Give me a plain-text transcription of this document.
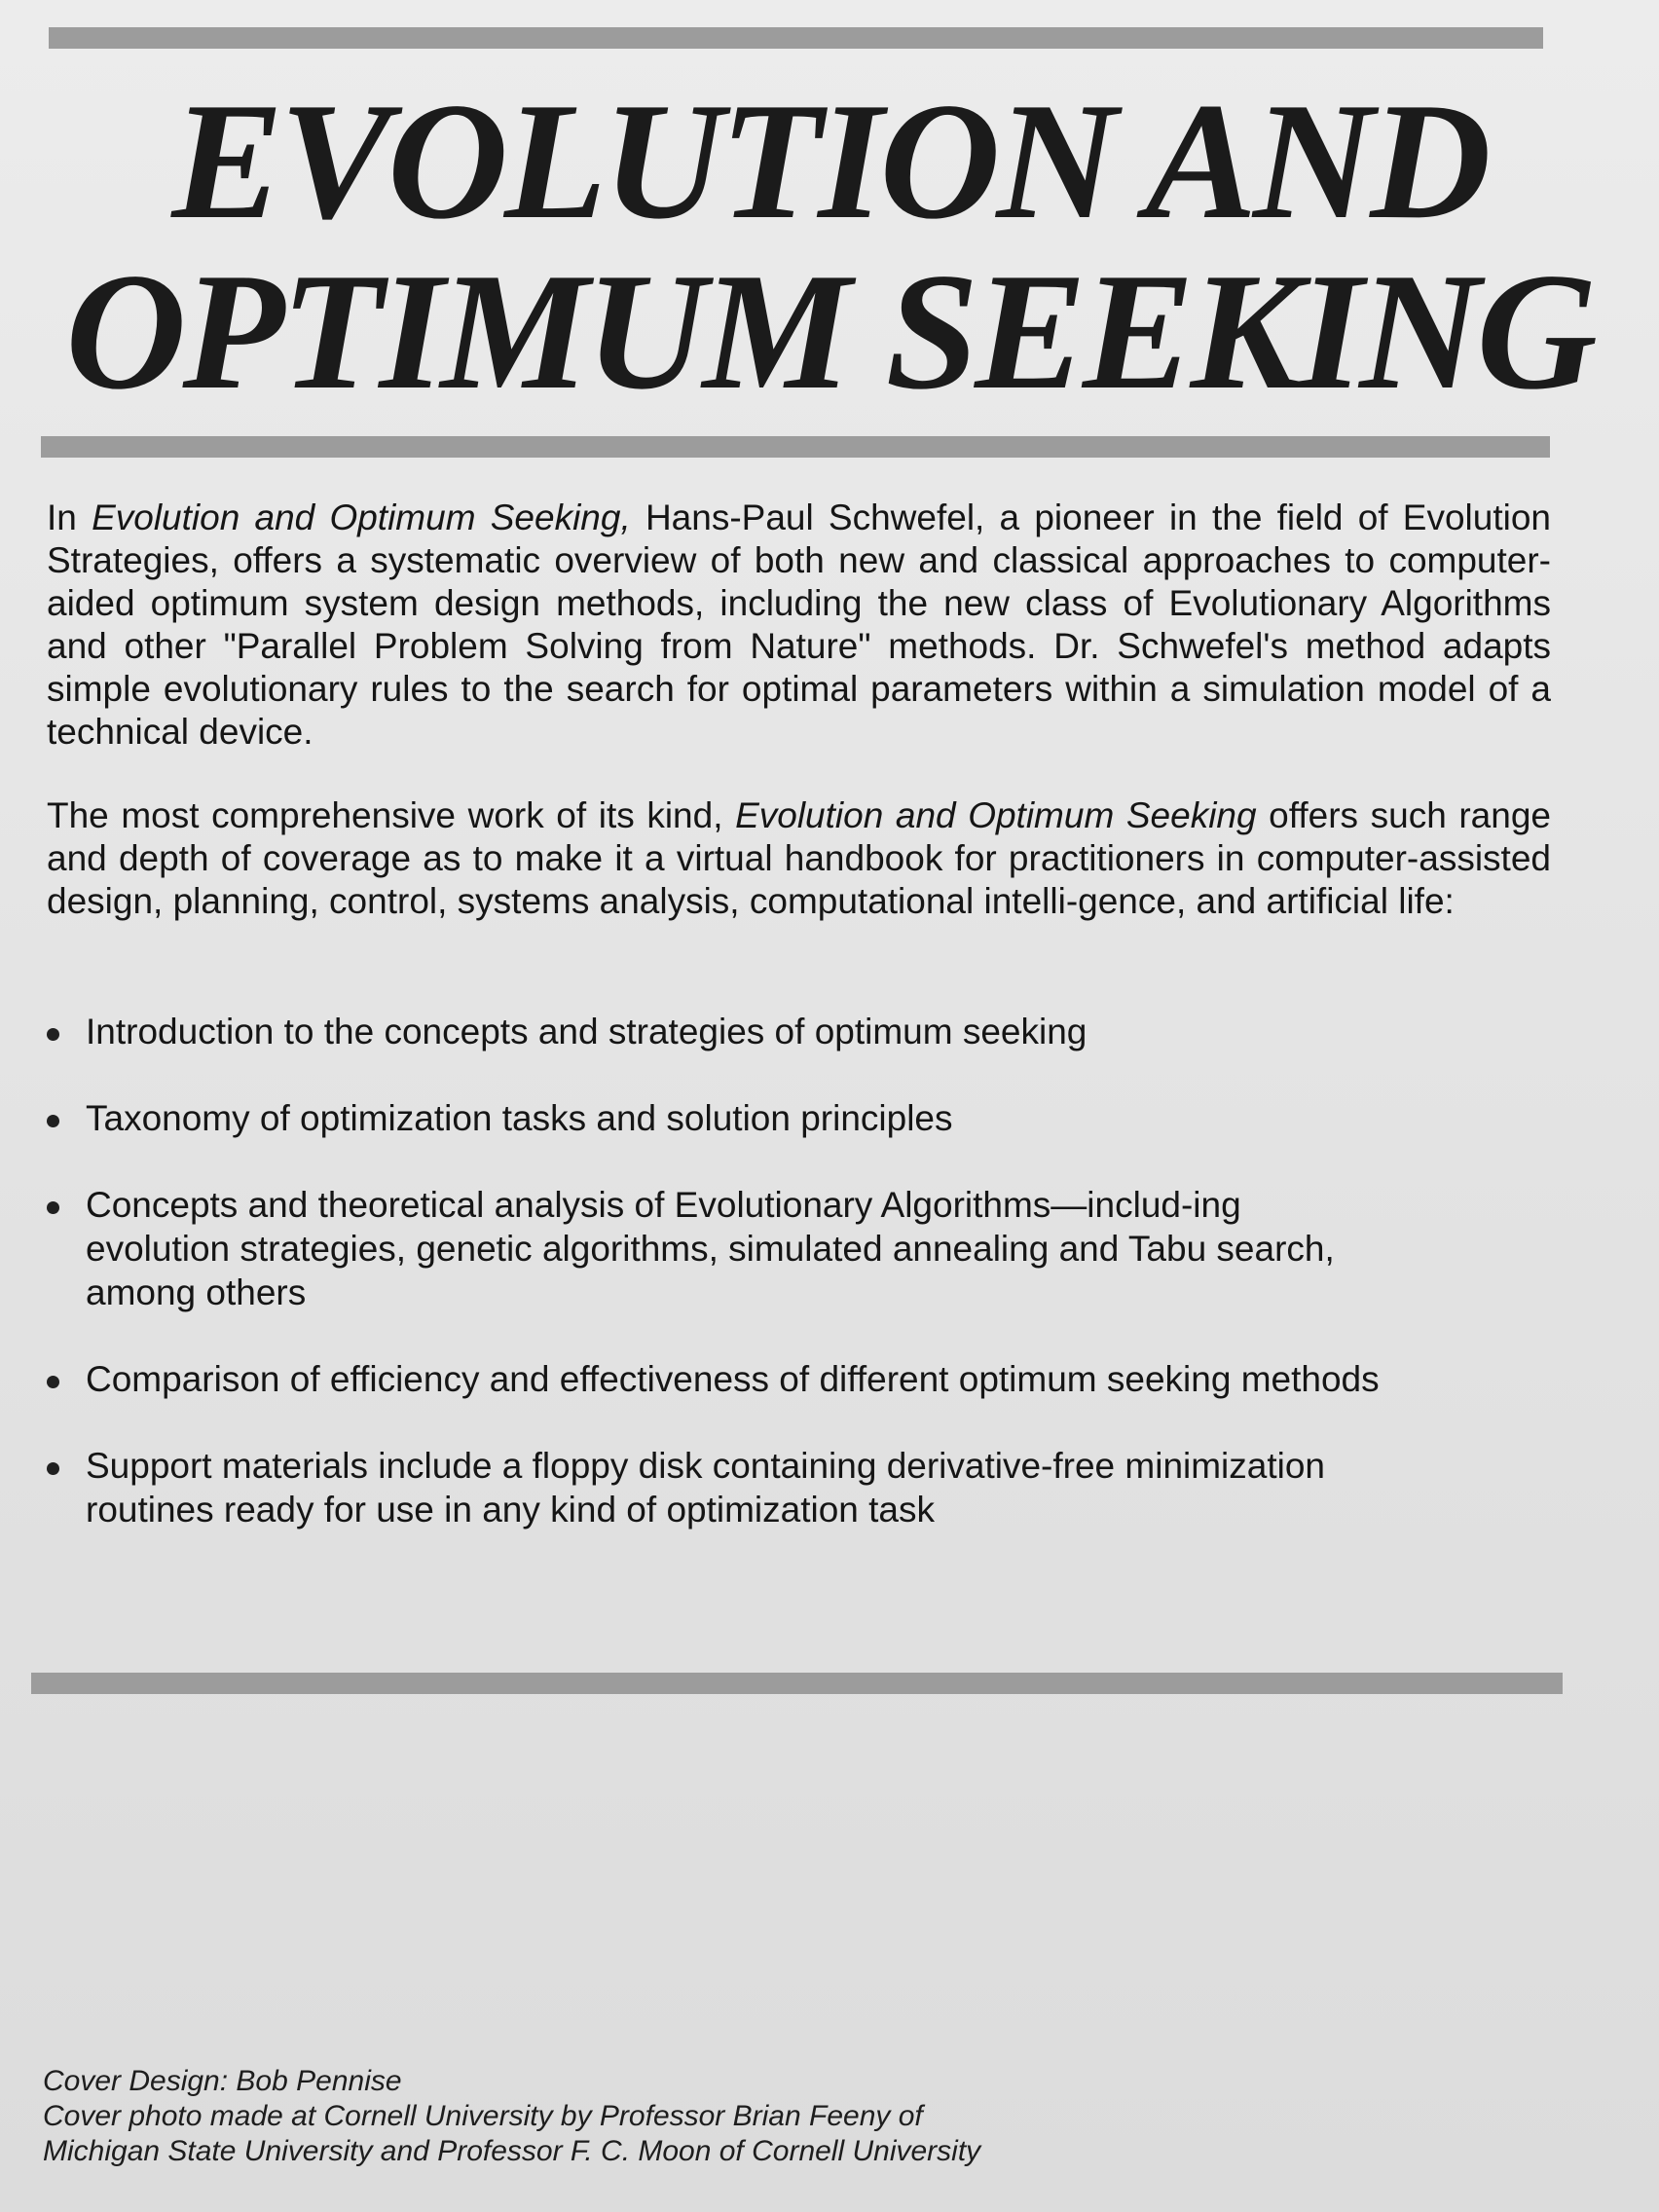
EVOLUTION AND
OPTIMUM SEEKING

In Evolution and Optimum Seeking, Hans-Paul Schwefel, a pioneer in the field of Evolution Strategies, offers a systematic overview of both new and classical approaches to computer-aided optimum system design methods, including the new class of Evolutionary Algorithms and other "Parallel Problem Solving from Nature" methods. Dr. Schwefel's method adapts simple evolutionary rules to the search for optimal parameters within a simulation model of a technical device.

The most comprehensive work of its kind, Evolution and Optimum Seeking offers such range and depth of coverage as to make it a virtual handbook for practitioners in computer-assisted design, planning, control, systems analysis, computational intelli-gence, and artificial life:

Introduction to the concepts and strategies of optimum seeking
Taxonomy of optimization tasks and solution principles
Concepts and theoretical analysis of Evolutionary Algorithms—includ-ing evolution strategies, genetic algorithms, simulated annealing and Tabu search, among others
Comparison of efficiency and effectiveness of different optimum seeking methods
Support materials include a floppy disk containing derivative-free minimization routines ready for use in any kind of optimization task
Cover Design: Bob Pennise
Cover photo made at Cornell University by Professor Brian Feeny of
Michigan State University and Professor F. C. Moon of Cornell University
